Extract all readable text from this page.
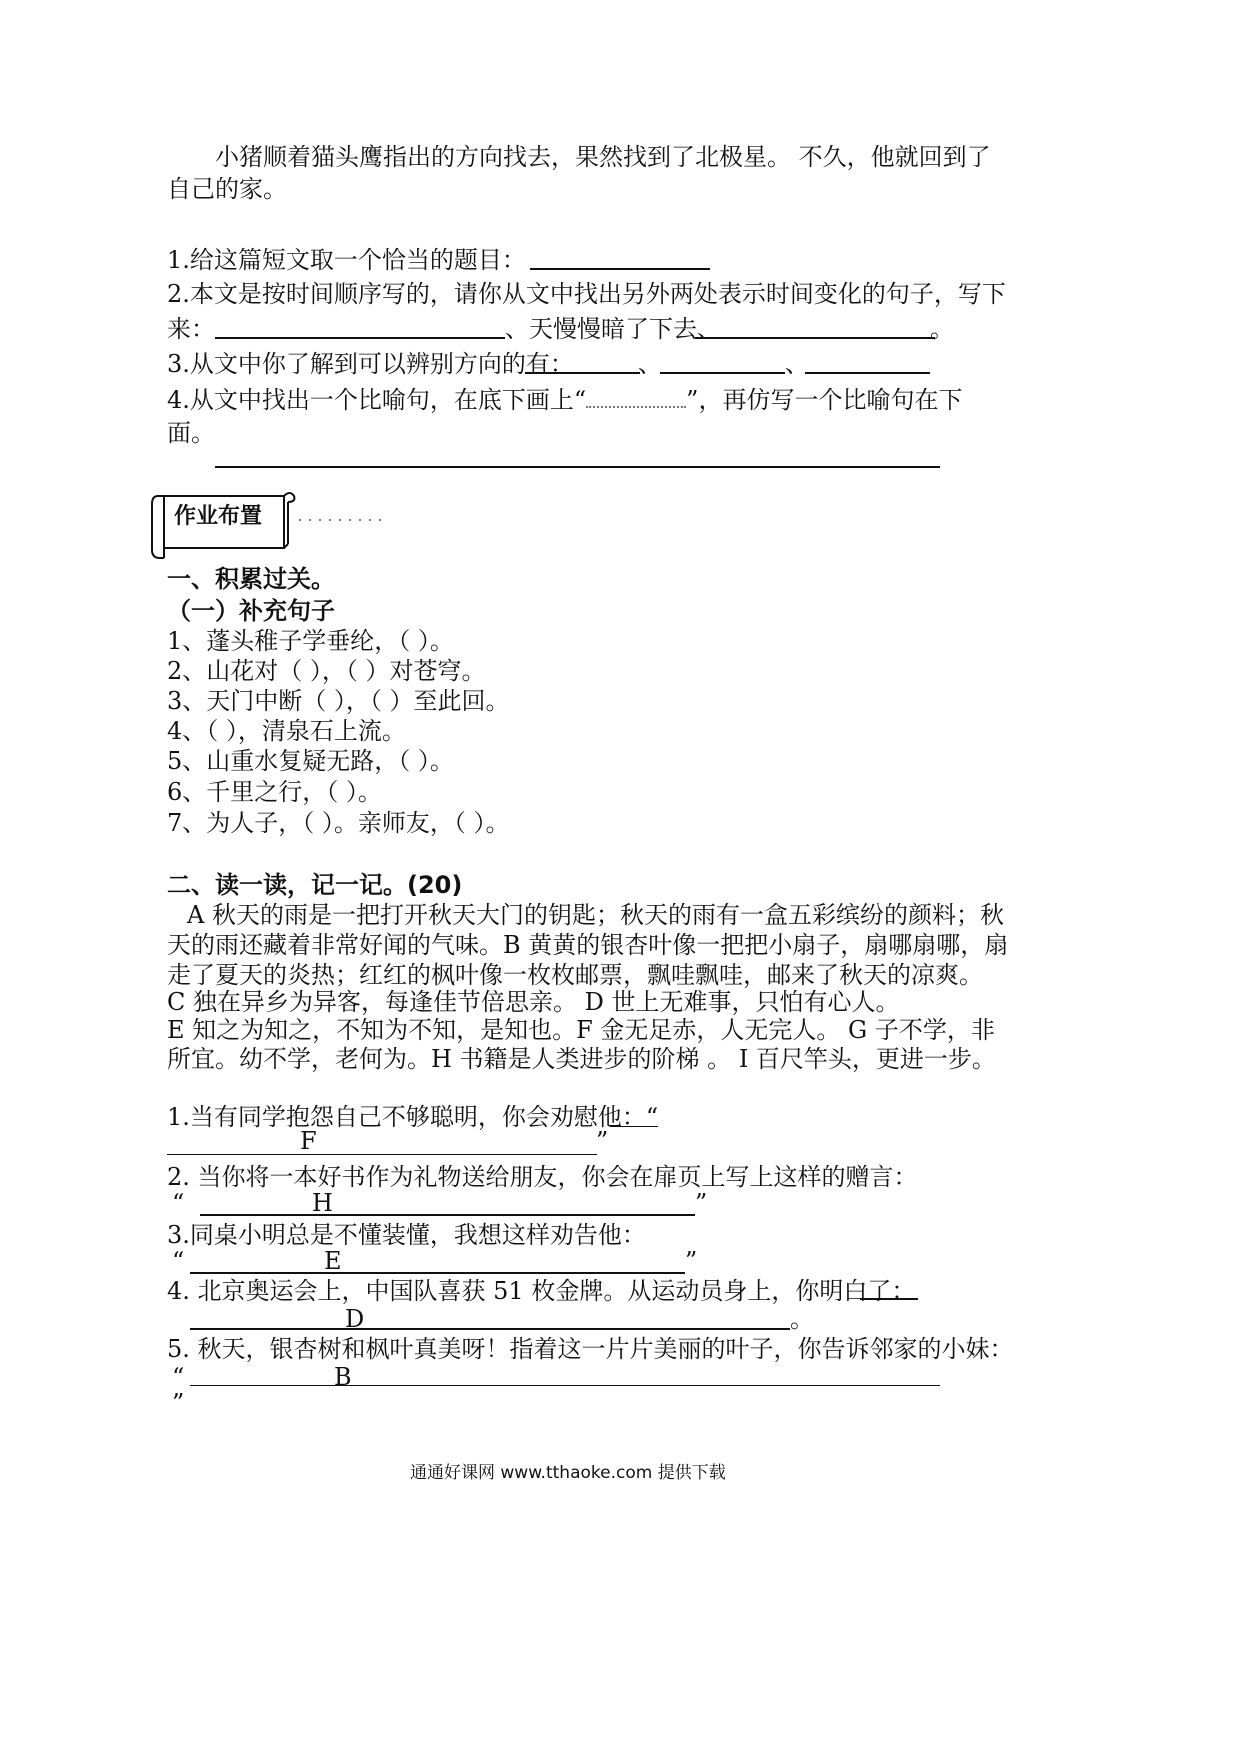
小猪顺着猫头鹰指出的方向找去，果然找到了北极星。 不久，他就回到了
自己的家。
1.给这篇短文取一个恰当的题目：
2.本文是按时间顺序写的，请你从文中找出另外两处表示时间变化的句子，写下
来：	、天慢慢暗了下去、	。
3.从文中你了解到可以辨别方向的有：	、	、
4.从文中找出一个比喻句，在底下画上“	”，再仿写一个比喻句在下
面。
作业布置
一、积累过关。
（一）补充句子
1、蓬头稚子学垂纶，（ ）。
2、山花对（ ），（ ）对苍穹。
3、天门中断（ ），（ ）至此回。
4、（ ），清泉石上流。
5、山重水复疑无路，（ ）。
6、千里之行，（ ）。
7、为人子，（ ）。亲师友，（ ）。
二、读一读，记一记。(20)
A 秋天的雨是一把打开秋天大门的钥匙；秋天的雨有一盒五彩缤纷的颜料；秋
天的雨还藏着非常好闻的气味。B 黄黄的银杏叶像一把把小扇子，扇哪扇哪，扇
走了夏天的炎热；红红的枫叶像一枚枚邮票，飘哇飘哇，邮来了秋天的凉爽。
C 独在异乡为异客，每逢佳节倍思亲。 D 世上无难事，只怕有心人。
E 知之为知之，不知为不知，是知也。F 金无足赤，人无完人。 G 子不学，非
所宜。幼不学，老何为。H 书籍是人类进步的阶梯 。 I 百尺竿头，更进一步。
1.当有同学抱怨自己不够聪明，你会劝慰他：“
F	”
2. 当你将一本好书作为礼物送给朋友，你会在扉页上写上这样的赠言：
“	H	”
3.同桌小明总是不懂装懂，我想这样劝告他：
“	E	”
4. 北京奥运会上，中国队喜获 51 枚金牌。从运动员身上，你明白了：
D	。
5. 秋天，银杏树和枫叶真美呀！指着这一片片美丽的叶子，你告诉邻家的小妹：
“	B
”
通通好课网 www.tthaoke.com 提供下载
